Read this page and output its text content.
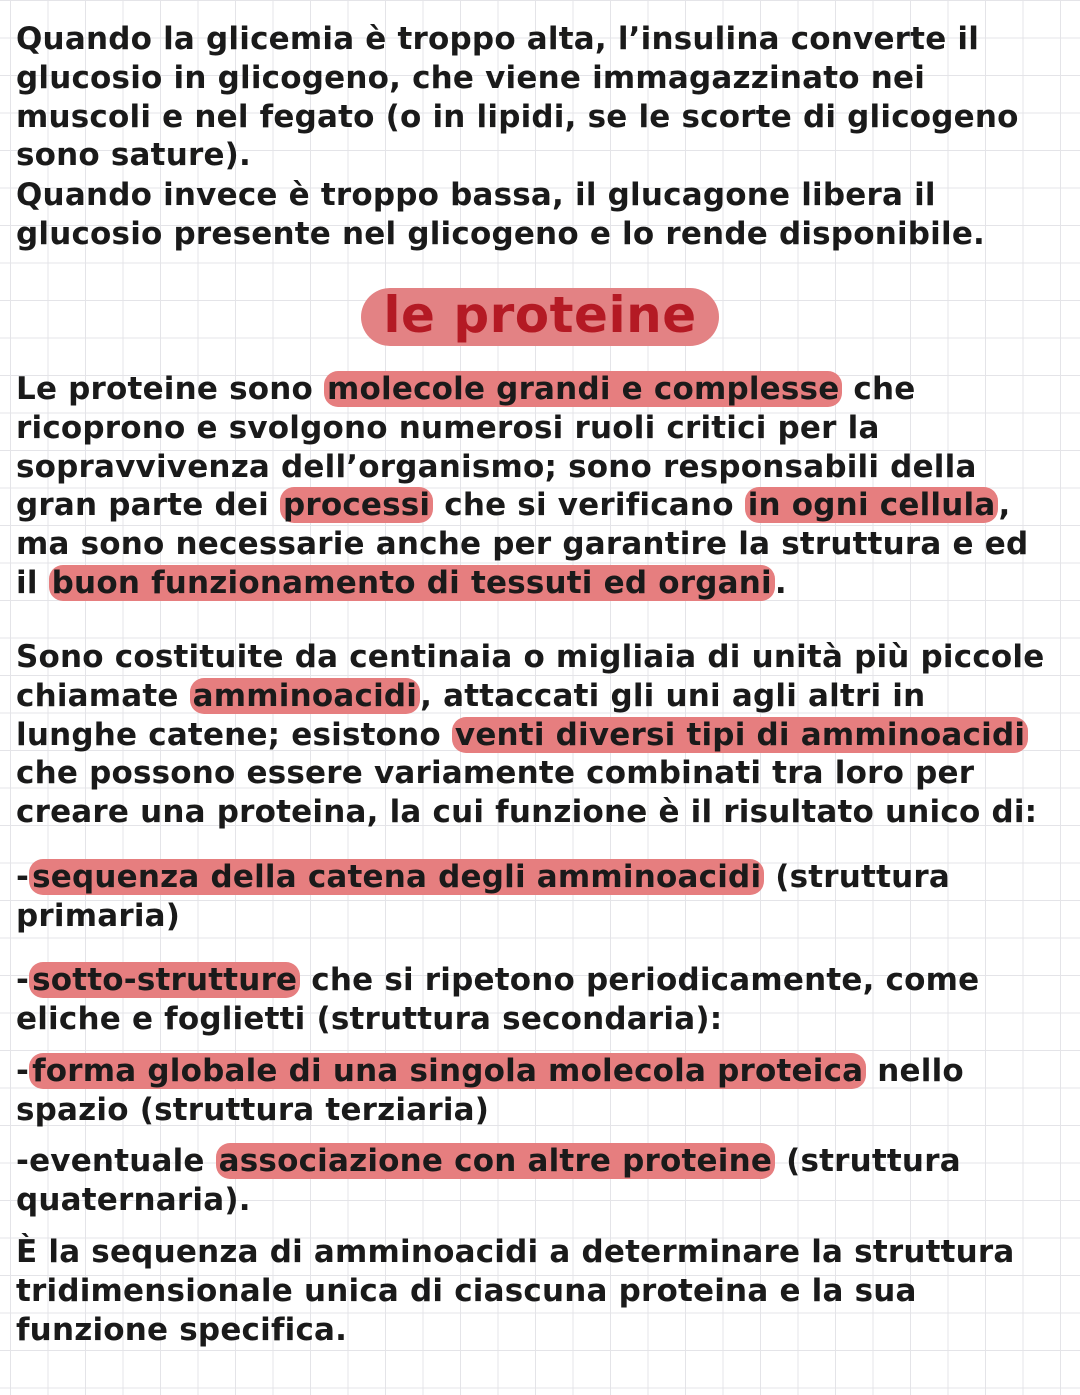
Quando la glicemia è troppo alta, l’insulina converte il glucosio in glicogeno, che viene immagazzinato nei muscoli e nel fegato (o in lipidi, se le scorte di glicogeno sono sature).

Quando invece è troppo bassa, il glucagone libera il glucosio presente nel glicogeno e lo rende disponibile.

le proteine

Le proteine sono molecole grandi e complesse che ricoprono e svolgono numerosi ruoli critici per la sopravvivenza dell’organismo; sono responsabili della gran parte dei processi che si verificano in ogni cellula, ma sono necessarie anche per garantire la struttura e ed il buon funzionamento di tessuti ed organi.

Sono costituite da centinaia o migliaia di unità più piccole chiamate amminoacidi, attaccati gli uni agli altri in lunghe catene; esistono venti diversi tipi di amminoacidi che possono essere variamente combinati tra loro per creare una proteina, la cui funzione è il risultato unico di:

-sequenza della catena degli amminoacidi (struttura primaria)

-sotto-strutture che si ripetono periodicamente, come eliche e foglietti (struttura secondaria):

-forma globale di una singola molecola proteica nello spazio (struttura terziaria)

-eventuale associazione con altre proteine (struttura quaternaria).

È la sequenza di amminoacidi a determinare la struttura tridimensionale unica di ciascuna proteina e la sua funzione specifica.
